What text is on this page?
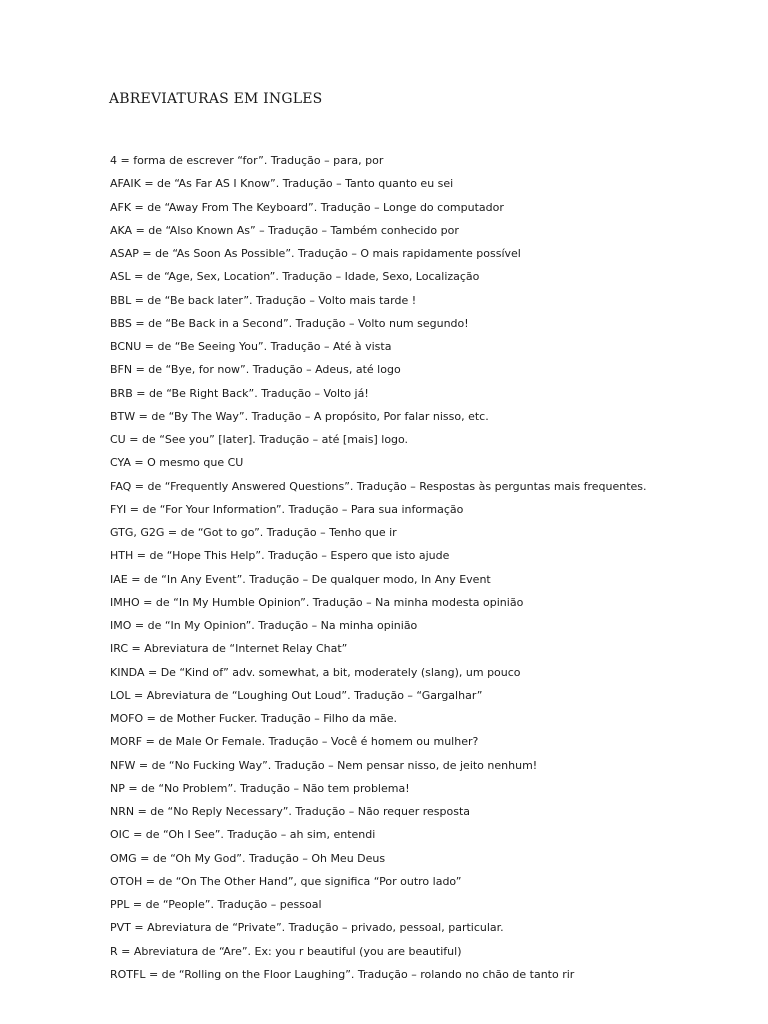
ABREVIATURAS EM INGLES
4 = forma de escrever “for”. Tradução – para, por
AFAIK = de “As Far AS I Know”. Tradução – Tanto quanto eu sei
AFK = de “Away From The Keyboard”. Tradução – Longe do computador
AKA = de “Also Known As” – Tradução – Também conhecido por
ASAP = de “As Soon As Possible”. Tradução – O mais rapidamente possível
ASL = de “Age, Sex, Location”. Tradução – Idade, Sexo, Localização
BBL = de “Be back later”. Tradução – Volto mais tarde !
BBS = de “Be Back in a Second”. Tradução – Volto num segundo!
BCNU = de “Be Seeing You”. Tradução – Até à vista
BFN = de “Bye, for now”. Tradução – Adeus, até logo
BRB = de “Be Right Back”. Tradução – Volto já!
BTW = de “By The Way”. Tradução – A propósito, Por falar nisso, etc.
CU = de “See you” [later]. Tradução – até [mais] logo.
CYA = O mesmo que CU
FAQ = de “Frequently Answered Questions”. Tradução – Respostas às perguntas mais frequentes.
FYI = de “For Your Information”. Tradução – Para sua informação
GTG, G2G = de “Got to go”. Tradução – Tenho que ir
HTH = de “Hope This Help”. Tradução – Espero que isto ajude
IAE = de “In Any Event”. Tradução – De qualquer modo, In Any Event
IMHO = de “In My Humble Opinion”. Tradução – Na minha modesta opinião
IMO = de “In My Opinion”. Tradução – Na minha opinião
IRC = Abreviatura de “Internet Relay Chat”
KINDA = De “Kind of” adv. somewhat, a bit, moderately (slang), um pouco
LOL = Abreviatura de “Loughing Out Loud”. Tradução – “Gargalhar”
MOFO = de Mother Fucker. Tradução – Filho da mãe.
MORF = de Male Or Female. Tradução – Você é homem ou mulher?
NFW = de “No Fucking Way”. Tradução – Nem pensar nisso, de jeito nenhum!
NP = de “No Problem”. Tradução – Não tem problema!
NRN = de “No Reply Necessary”. Tradução – Não requer resposta
OIC = de “Oh I See”. Tradução – ah sim, entendi
OMG = de “Oh My God”. Tradução – Oh Meu Deus
OTOH = de “On The Other Hand”, que significa “Por outro lado”
PPL = de “People”. Tradução – pessoal
PVT = Abreviatura de “Private”. Tradução – privado, pessoal, particular.
R = Abreviatura de “Are”. Ex: you r beautiful (you are beautiful)
ROTFL = de “Rolling on the Floor Laughing”. Tradução – rolando no chão de tanto rir
